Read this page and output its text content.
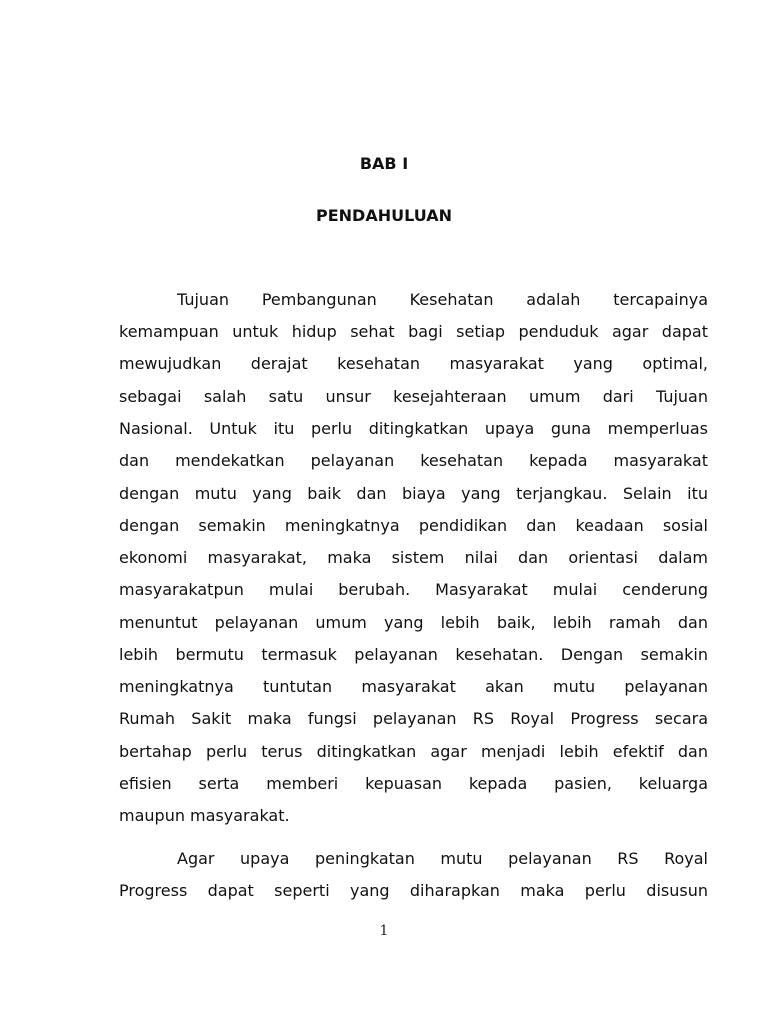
BAB I
PENDAHULUAN
Tujuan Pembangunan Kesehatan adalah tercapainya
kemampuan untuk hidup sehat bagi setiap penduduk agar dapat
mewujudkan derajat kesehatan masyarakat yang optimal,
sebagai salah satu unsur kesejahteraan umum dari Tujuan
Nasional. Untuk itu perlu ditingkatkan upaya guna memperluas
dan mendekatkan pelayanan kesehatan kepada masyarakat
dengan mutu yang baik dan biaya yang terjangkau. Selain itu
dengan semakin meningkatnya pendidikan dan keadaan sosial
ekonomi masyarakat, maka sistem nilai dan orientasi dalam
masyarakatpun mulai berubah. Masyarakat mulai cenderung
menuntut pelayanan umum yang lebih baik, lebih ramah dan
lebih bermutu termasuk pelayanan kesehatan. Dengan semakin
meningkatnya tuntutan masyarakat akan mutu pelayanan
Rumah Sakit maka fungsi pelayanan RS Royal Progress secara
bertahap perlu terus ditingkatkan agar menjadi lebih efektif dan
efisien serta memberi kepuasan kepada pasien, keluarga
maupun masyarakat.
Agar upaya peningkatan mutu pelayanan RS Royal
Progress dapat seperti yang diharapkan maka perlu disusun
1
